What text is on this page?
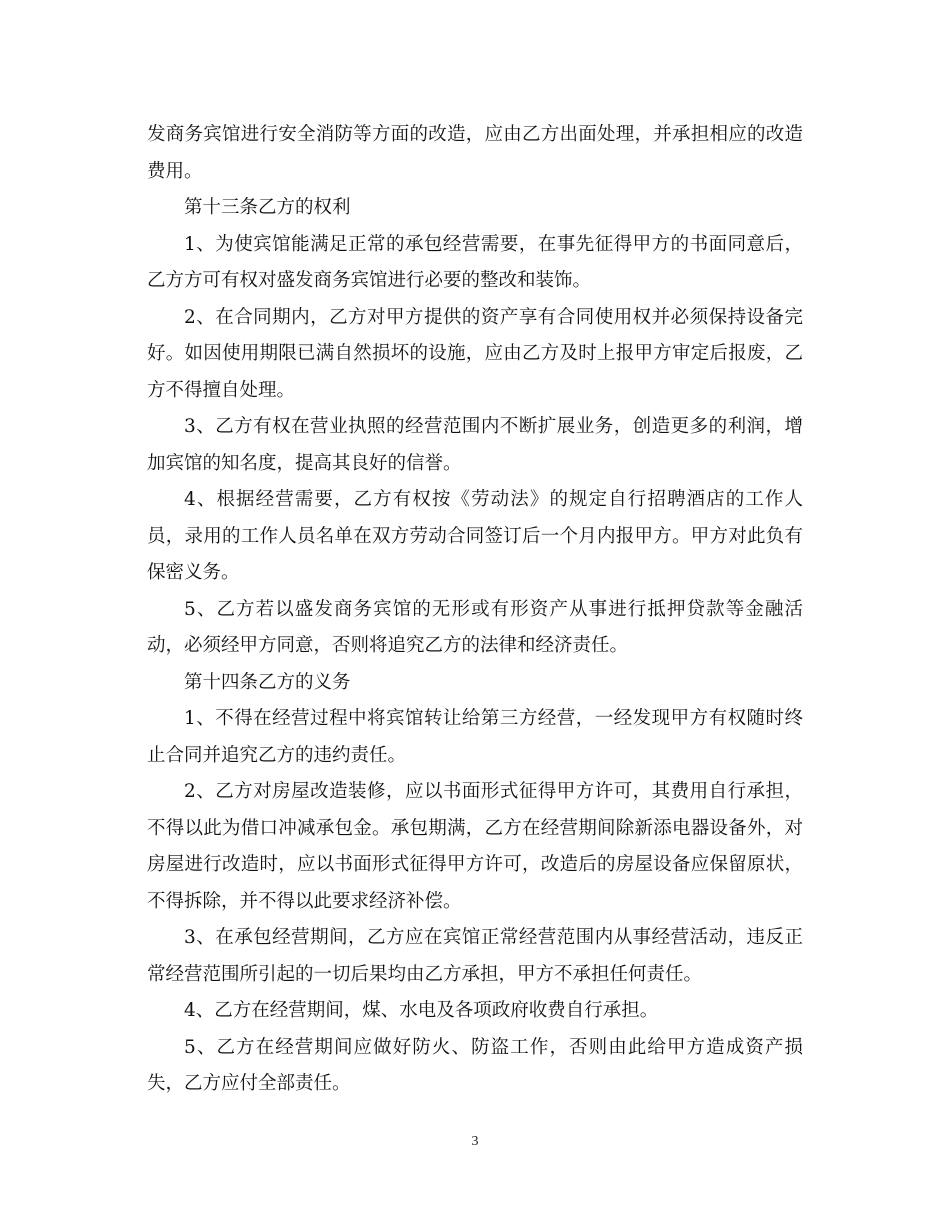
发商务宾馆进行安全消防等方面的改造，应由乙方出面处理，并承担相应的改造费用。

第十三条乙方的权利

1、为使宾馆能满足正常的承包经营需要，在事先征得甲方的书面同意后，乙方方可有权对盛发商务宾馆进行必要的整改和装饰。

2、在合同期内，乙方对甲方提供的资产享有合同使用权并必须保持设备完好。如因使用期限已满自然损坏的设施，应由乙方及时上报甲方审定后报废，乙方不得擅自处理。

3、乙方有权在营业执照的经营范围内不断扩展业务，创造更多的利润，增加宾馆的知名度，提高其良好的信誉。

4、根据经营需要，乙方有权按《劳动法》的规定自行招聘酒店的工作人员，录用的工作人员名单在双方劳动合同签订后一个月内报甲方。甲方对此负有保密义务。

5、乙方若以盛发商务宾馆的无形或有形资产从事进行抵押贷款等金融活动，必须经甲方同意，否则将追究乙方的法律和经济责任。

第十四条乙方的义务

1、不得在经营过程中将宾馆转让给第三方经营，一经发现甲方有权随时终止合同并追究乙方的违约责任。

2、乙方对房屋改造装修，应以书面形式征得甲方许可，其费用自行承担，不得以此为借口冲减承包金。承包期满，乙方在经营期间除新添电器设备外，对房屋进行改造时，应以书面形式征得甲方许可，改造后的房屋设备应保留原状，不得拆除，并不得以此要求经济补偿。

3、在承包经营期间，乙方应在宾馆正常经营范围内从事经营活动，违反正常经营范围所引起的一切后果均由乙方承担，甲方不承担任何责任。

4、乙方在经营期间，煤、水电及各项政府收费自行承担。

5、乙方在经营期间应做好防火、防盗工作，否则由此给甲方造成资产损失，乙方应付全部责任。

3
